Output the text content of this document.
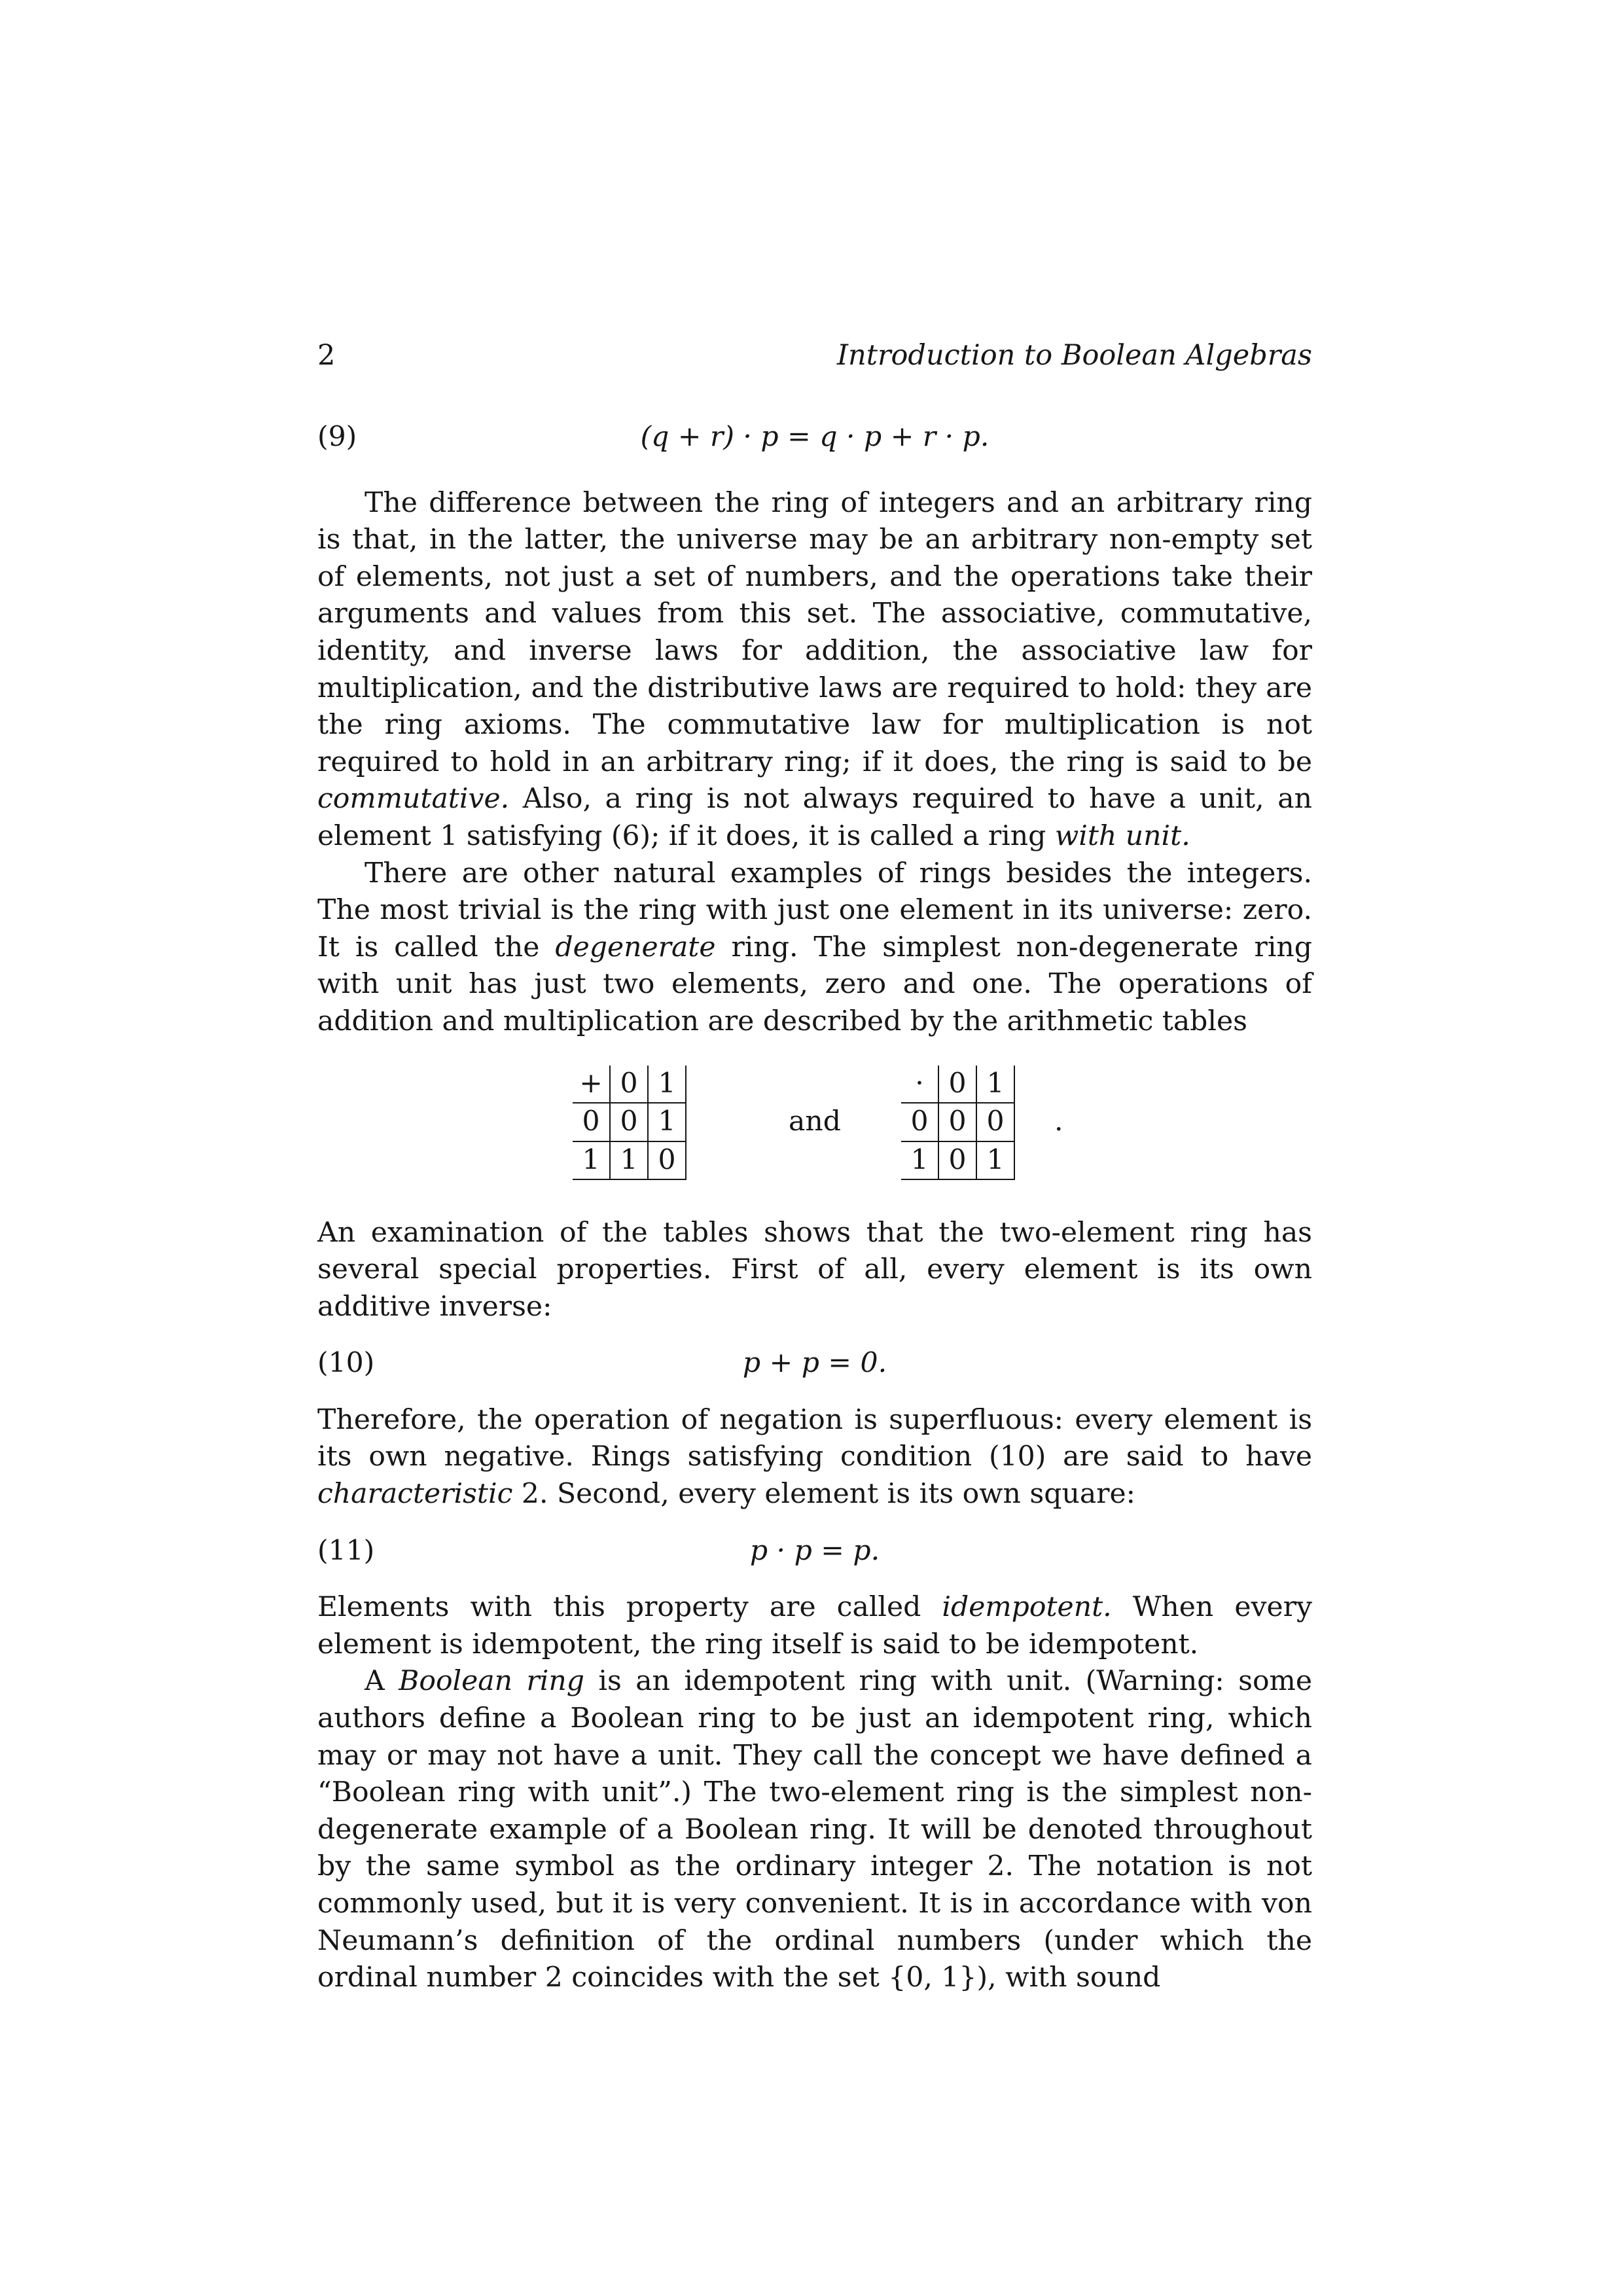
2	Introduction to Boolean Algebras
(9)	(q + r) · p = q · p + r · p.

The difference between the ring of integers and an arbitrary ring is that, in the latter, the universe may be an arbitrary non-empty set of elements, not just a set of numbers, and the operations take their arguments and values from this set. The associative, commutative, identity, and inverse laws for addition, the associative law for multiplication, and the distributive laws are required to hold: they are the ring axioms. The commutative law for multiplication is not required to hold in an arbitrary ring; if it does, the ring is said to be commutative. Also, a ring is not always required to have a unit, an element 1 satisfying (6); if it does, it is called a ring with unit.

There are other natural examples of rings besides the integers. The most trivial is the ring with just one element in its universe: zero. It is called the degenerate ring. The simplest non-degenerate ring with unit has just two elements, zero and one. The operations of addition and multiplication are described by the arithmetic tables

+	0	1
0	0	1
1	1	0
and
·	0	1
0	0	0
1	0	1
.

An examination of the tables shows that the two-element ring has several special properties. First of all, every element is its own additive inverse:

(10)	p + p = 0.

Therefore, the operation of negation is superfluous: every element is its own negative. Rings satisfying condition (10) are said to have characteristic 2. Second, every element is its own square:

(11)	p · p = p.

Elements with this property are called idempotent. When every element is idempotent, the ring itself is said to be idempotent.

A Boolean ring is an idempotent ring with unit. (Warning: some authors define a Boolean ring to be just an idempotent ring, which may or may not have a unit. They call the concept we have defined a “Boolean ring with unit”.) The two-element ring is the simplest non-degenerate example of a Boolean ring. It will be denoted throughout by the same symbol as the ordinary integer 2. The notation is not commonly used, but it is very convenient. It is in accordance with von Neumann’s definition of the ordinal numbers (under which the ordinal number 2 coincides with the set {0, 1}), with sound
